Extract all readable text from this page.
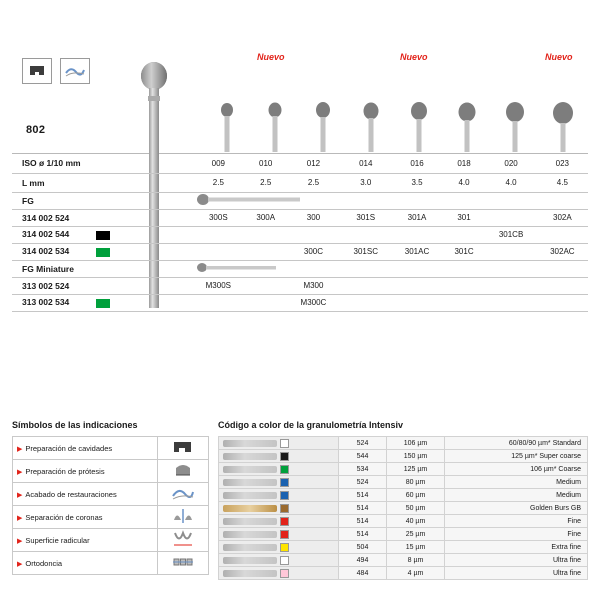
802
Nuevo	Nuevo	Nuevo
ISO ø 1/10 mm	009	010	012	014	016	018	020	023
L mm	2.5	2.5	2.5	3.0	3.5	4.0	4.0	4.5
FG	
314 002 524	300S	300A	300	301S	301A	301		302A
314 002 544							301CB	
314 002 534			300C	301SC	301AC	301C		302AC
FG Miniature	
313 002 524	M300S		M300					
313 002 534			M300C					
Símbolos de las indicaciones
▶ Preparación de cavidades	
▶ Preparación de prótesis	
▶ Acabado de restauraciones	
▶ Separación de coronas	
▶ Superficie radicular	
▶ Ortodoncia	
Código a color de la granulometría Intensiv
	524	106 µm	60/80/90 µm* Standard
	544	150 µm	125 µm* Super coarse
	534	125 µm	106 µm* Coarse
	524	80 µm	Medium
	514	60 µm	Medium
	514	50 µm	Golden Burs GB
	514	40 µm	Fine
	514	25 µm	Fine
	504	15 µm	Extra fine
	494	8 µm	Ultra fine
	484	4 µm	Ultra fine
